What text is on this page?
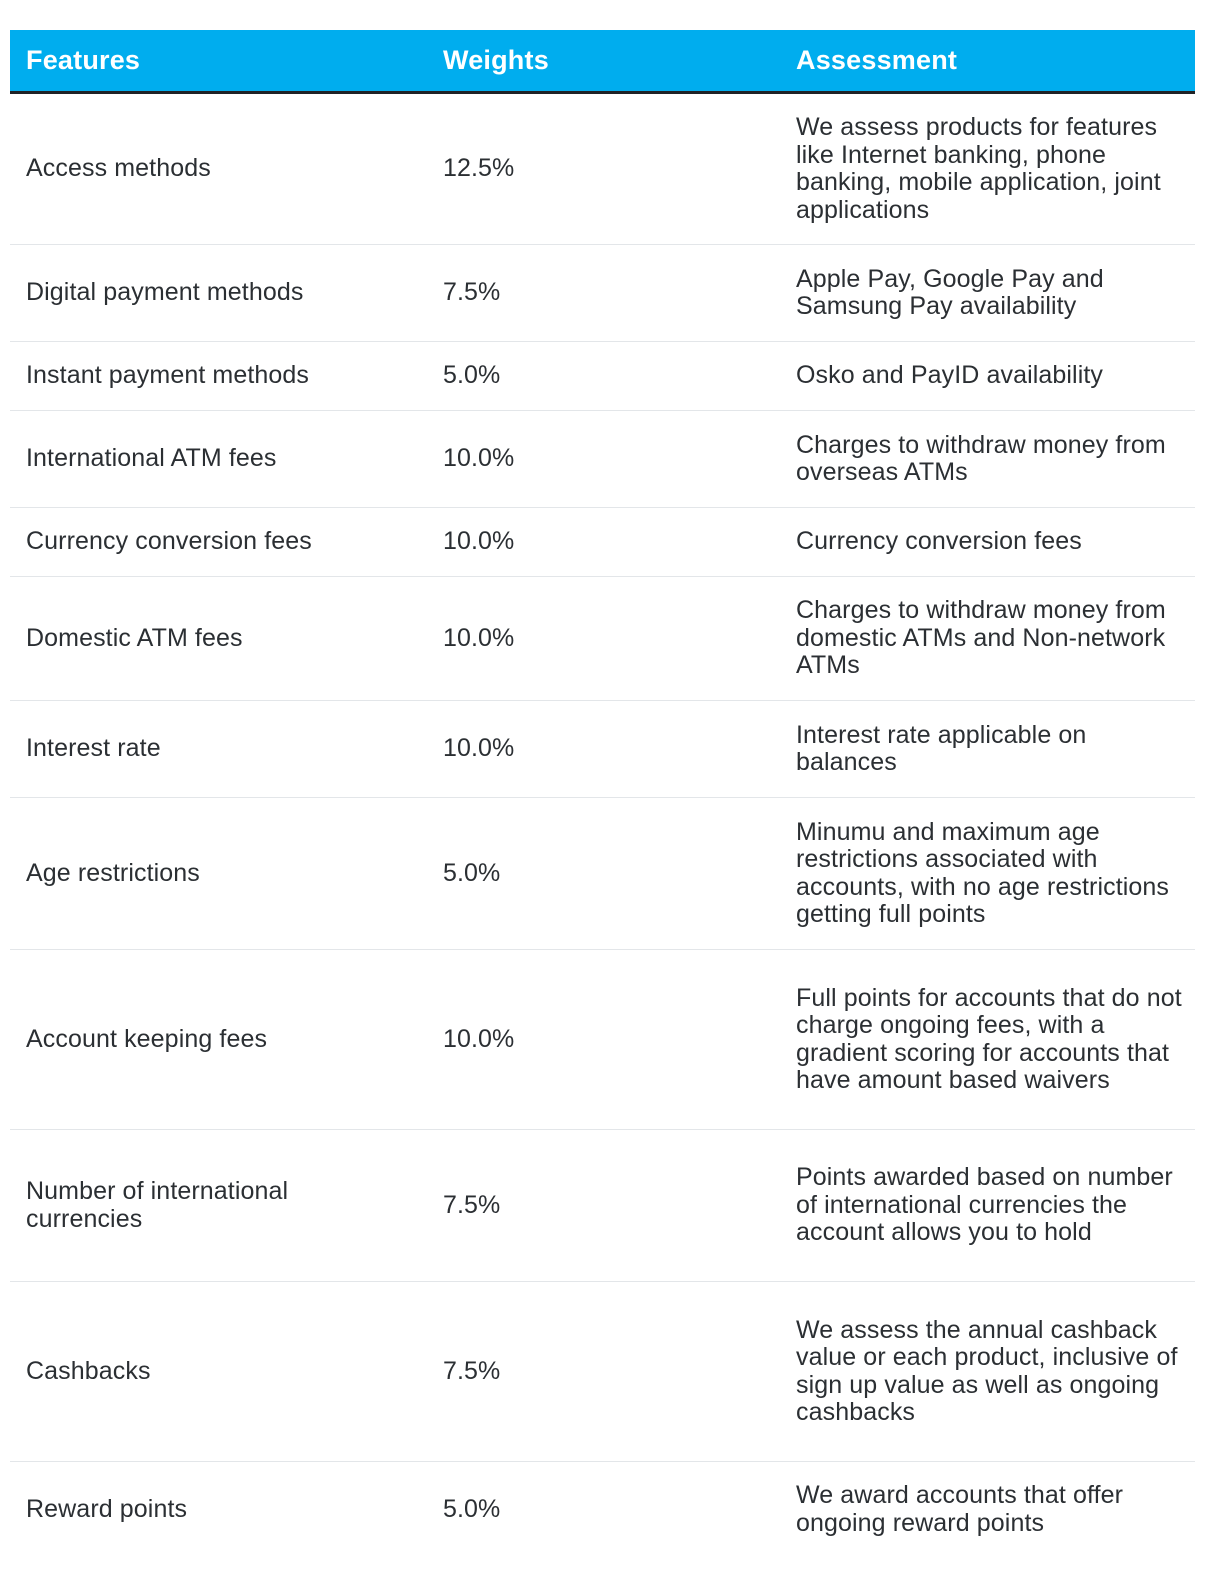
Features	Weights	Assessment
Access methods	12.5%	We assess products for features like Internet banking, phone banking, mobile application, joint applications
Digital payment methods	7.5%	Apple Pay, Google Pay and Samsung Pay availability
Instant payment methods	5.0%	Osko and PayID availability
International ATM fees	10.0%	Charges to withdraw money from overseas ATMs
Currency conversion fees	10.0%	Currency conversion fees
Domestic ATM fees	10.0%	Charges to withdraw money from domestic ATMs and Non-network ATMs
Interest rate	10.0%	Interest rate applicable on balances
Age restrictions	5.0%	Minumu and maximum age restrictions associated with accounts, with no age restrictions getting full points
Account keeping fees	10.0%	Full points for accounts that do not charge ongoing fees, with a gradient scoring for accounts that have amount based waivers
Number of international currencies	7.5%	Points awarded based on number of international currencies the account allows you to hold
Cashbacks	7.5%	We assess the annual cashback value or each product, inclusive of sign up value as well as ongoing cashbacks
Reward points	5.0%	We award accounts that offer ongoing reward points
